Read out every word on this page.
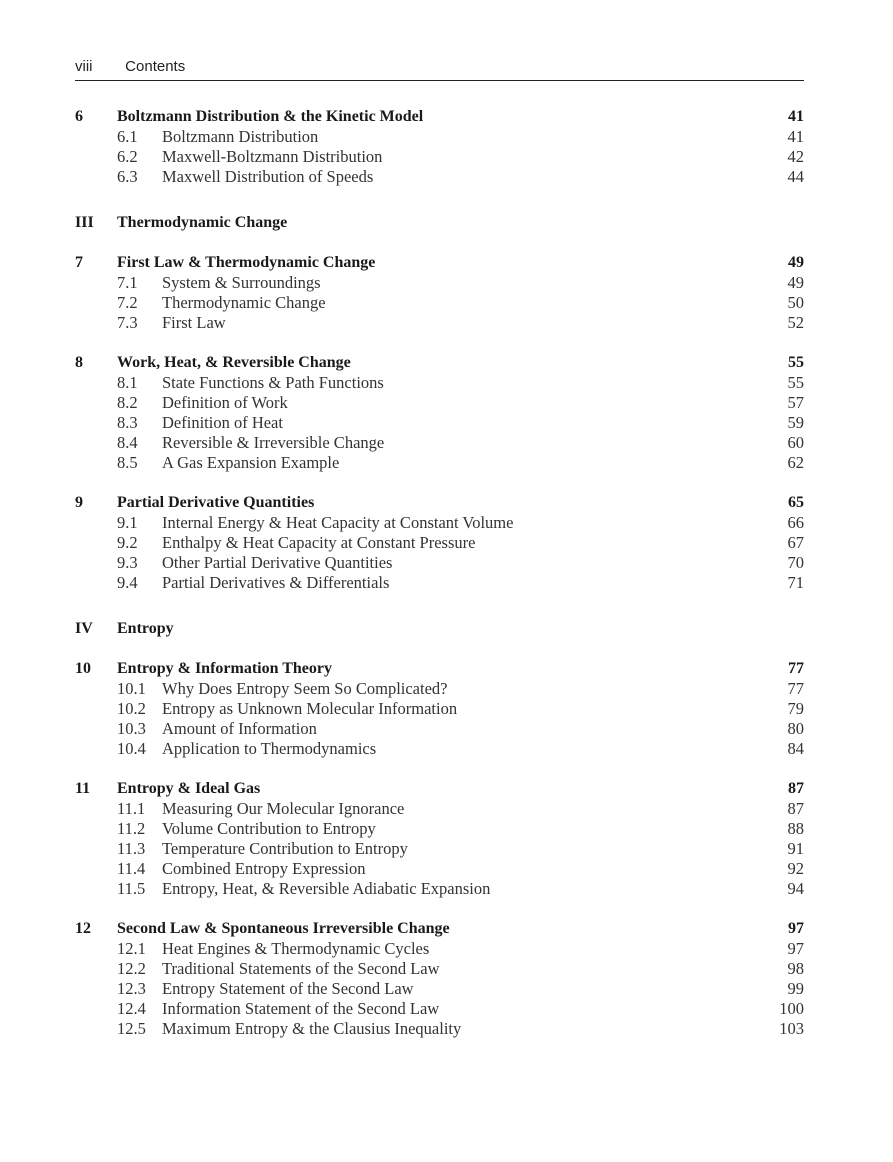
viii Contents
6 Boltzmann Distribution & the Kinetic Model	41
6.1 Boltzmann Distribution	41
6.2 Maxwell-Boltzmann Distribution	42
6.3 Maxwell Distribution of Speeds	44
III Thermodynamic Change
7 First Law & Thermodynamic Change	49
7.1 System & Surroundings	49
7.2 Thermodynamic Change	50
7.3 First Law	52
8 Work, Heat, & Reversible Change	55
8.1 State Functions & Path Functions	55
8.2 Definition of Work	57
8.3 Definition of Heat	59
8.4 Reversible & Irreversible Change	60
8.5 A Gas Expansion Example	62
9 Partial Derivative Quantities	65
9.1 Internal Energy & Heat Capacity at Constant Volume	66
9.2 Enthalpy & Heat Capacity at Constant Pressure	67
9.3 Other Partial Derivative Quantities	70
9.4 Partial Derivatives & Differentials	71
IV Entropy
10 Entropy & Information Theory	77
10.1 Why Does Entropy Seem So Complicated?	77
10.2 Entropy as Unknown Molecular Information	79
10.3 Amount of Information	80
10.4 Application to Thermodynamics	84
11 Entropy & Ideal Gas	87
11.1 Measuring Our Molecular Ignorance	87
11.2 Volume Contribution to Entropy	88
11.3 Temperature Contribution to Entropy	91
11.4 Combined Entropy Expression	92
11.5 Entropy, Heat, & Reversible Adiabatic Expansion	94
12 Second Law & Spontaneous Irreversible Change	97
12.1 Heat Engines & Thermodynamic Cycles	97
12.2 Traditional Statements of the Second Law	98
12.3 Entropy Statement of the Second Law	99
12.4 Information Statement of the Second Law	100
12.5 Maximum Entropy & the Clausius Inequality	103
